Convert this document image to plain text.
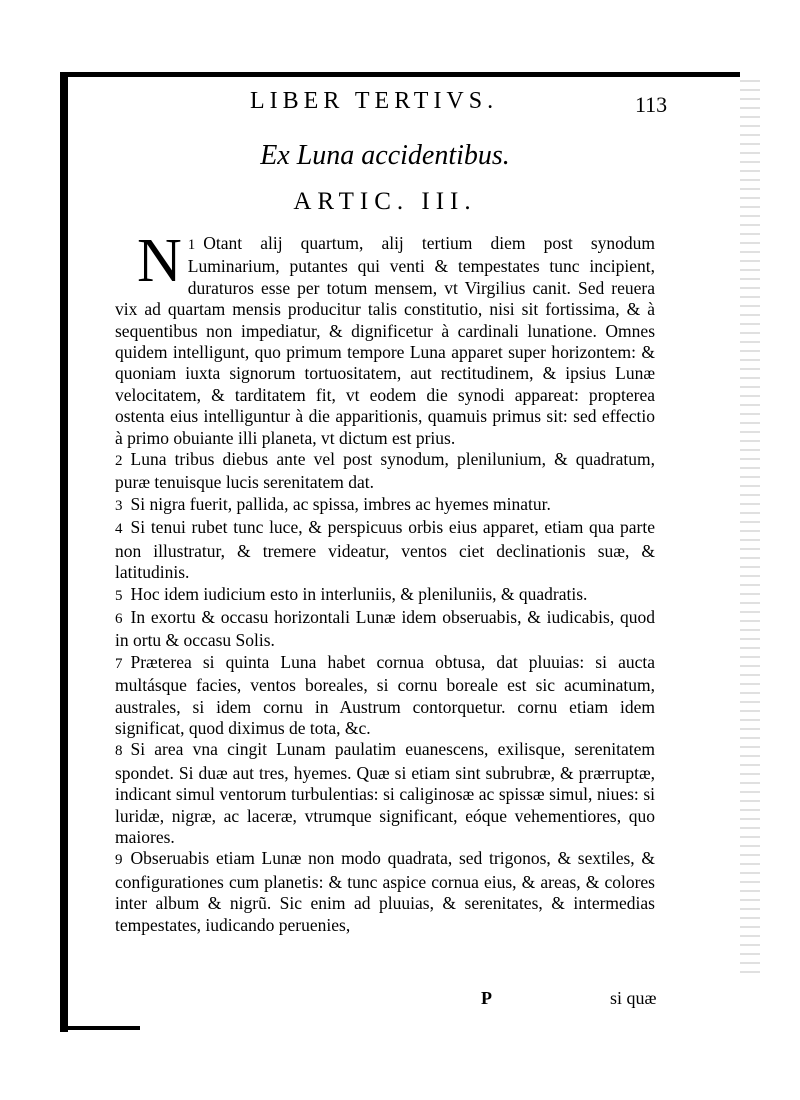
LIBER TERTIVS.	113
Ex Luna accidentibus.
ARTIC. III.

1
N Otant alij quartum, alij tertium diem post synodum Luminarium, putantes qui venti & tempestates tunc incipient, duraturos esse per totum mensem, vt Virgilius canit. Sed reuera vix ad quartam mensis producitur talis constitutio, nisi sit fortissima, & à sequentibus non impediatur, & dignificetur à cardinali lunatione. Omnes quidem intelligunt, quo primum tempore Luna apparet super horizontem: & quoniam iuxta signorum tortuositatem, aut rectitudinem, & ipsius Lunæ velocitatem, & tarditatem fit, vt eodem die synodi appareat: propterea ostenta eius intelliguntur à die apparitionis, quamuis primus sit: sed effectio à primo obuiante illi planeta, vt dictum est prius.

2 Luna tribus diebus ante vel post synodum, plenilunium, & quadratum, puræ tenuisque lucis serenitatem dat.

3 Si nigra fuerit, pallida, ac spissa, imbres ac hyemes minatur.

4 Si tenui rubet tunc luce, & perspicuus orbis eius apparet, etiam qua parte non illustratur, & tremere videatur, ventos ciet declinationis suæ, & latitudinis.

5 Hoc idem iudicium esto in interluniis, & pleniluniis, & quadratis.

6 In exortu & occasu horizontali Lunæ idem obseruabis, & iudicabis, quod in ortu & occasu Solis.

7 Præterea si quinta Luna habet cornua obtusa, dat pluuias: si aucta multásque facies, ventos boreales, si cornu boreale est sic acuminatum, australes, si idem cornu in Austrum contorquetur. cornu etiam idem significat, quod diximus de tota, &c.

8 Si area vna cingit Lunam paulatim euanescens, exilisque, serenitatem spondet. Si duæ aut tres, hyemes. Quæ si etiam sint subrubræ, & prærruptæ, indicant simul ventorum turbulentias: si caliginosæ ac spissæ simul, niues: si luridæ, nigræ, ac laceræ, vtrumque significant, eóque vehementiores, quo maiores.

9 Obseruabis etiam Lunæ non modo quadrata, sed trigonos, & sextiles, & configurationes cum planetis: & tunc aspice cornua eius, & areas, & colores inter album & nigrũ. Sic enim ad pluuias, & serenitates, & intermedias tempestates, iudicando peruenies,

P	si quæ
